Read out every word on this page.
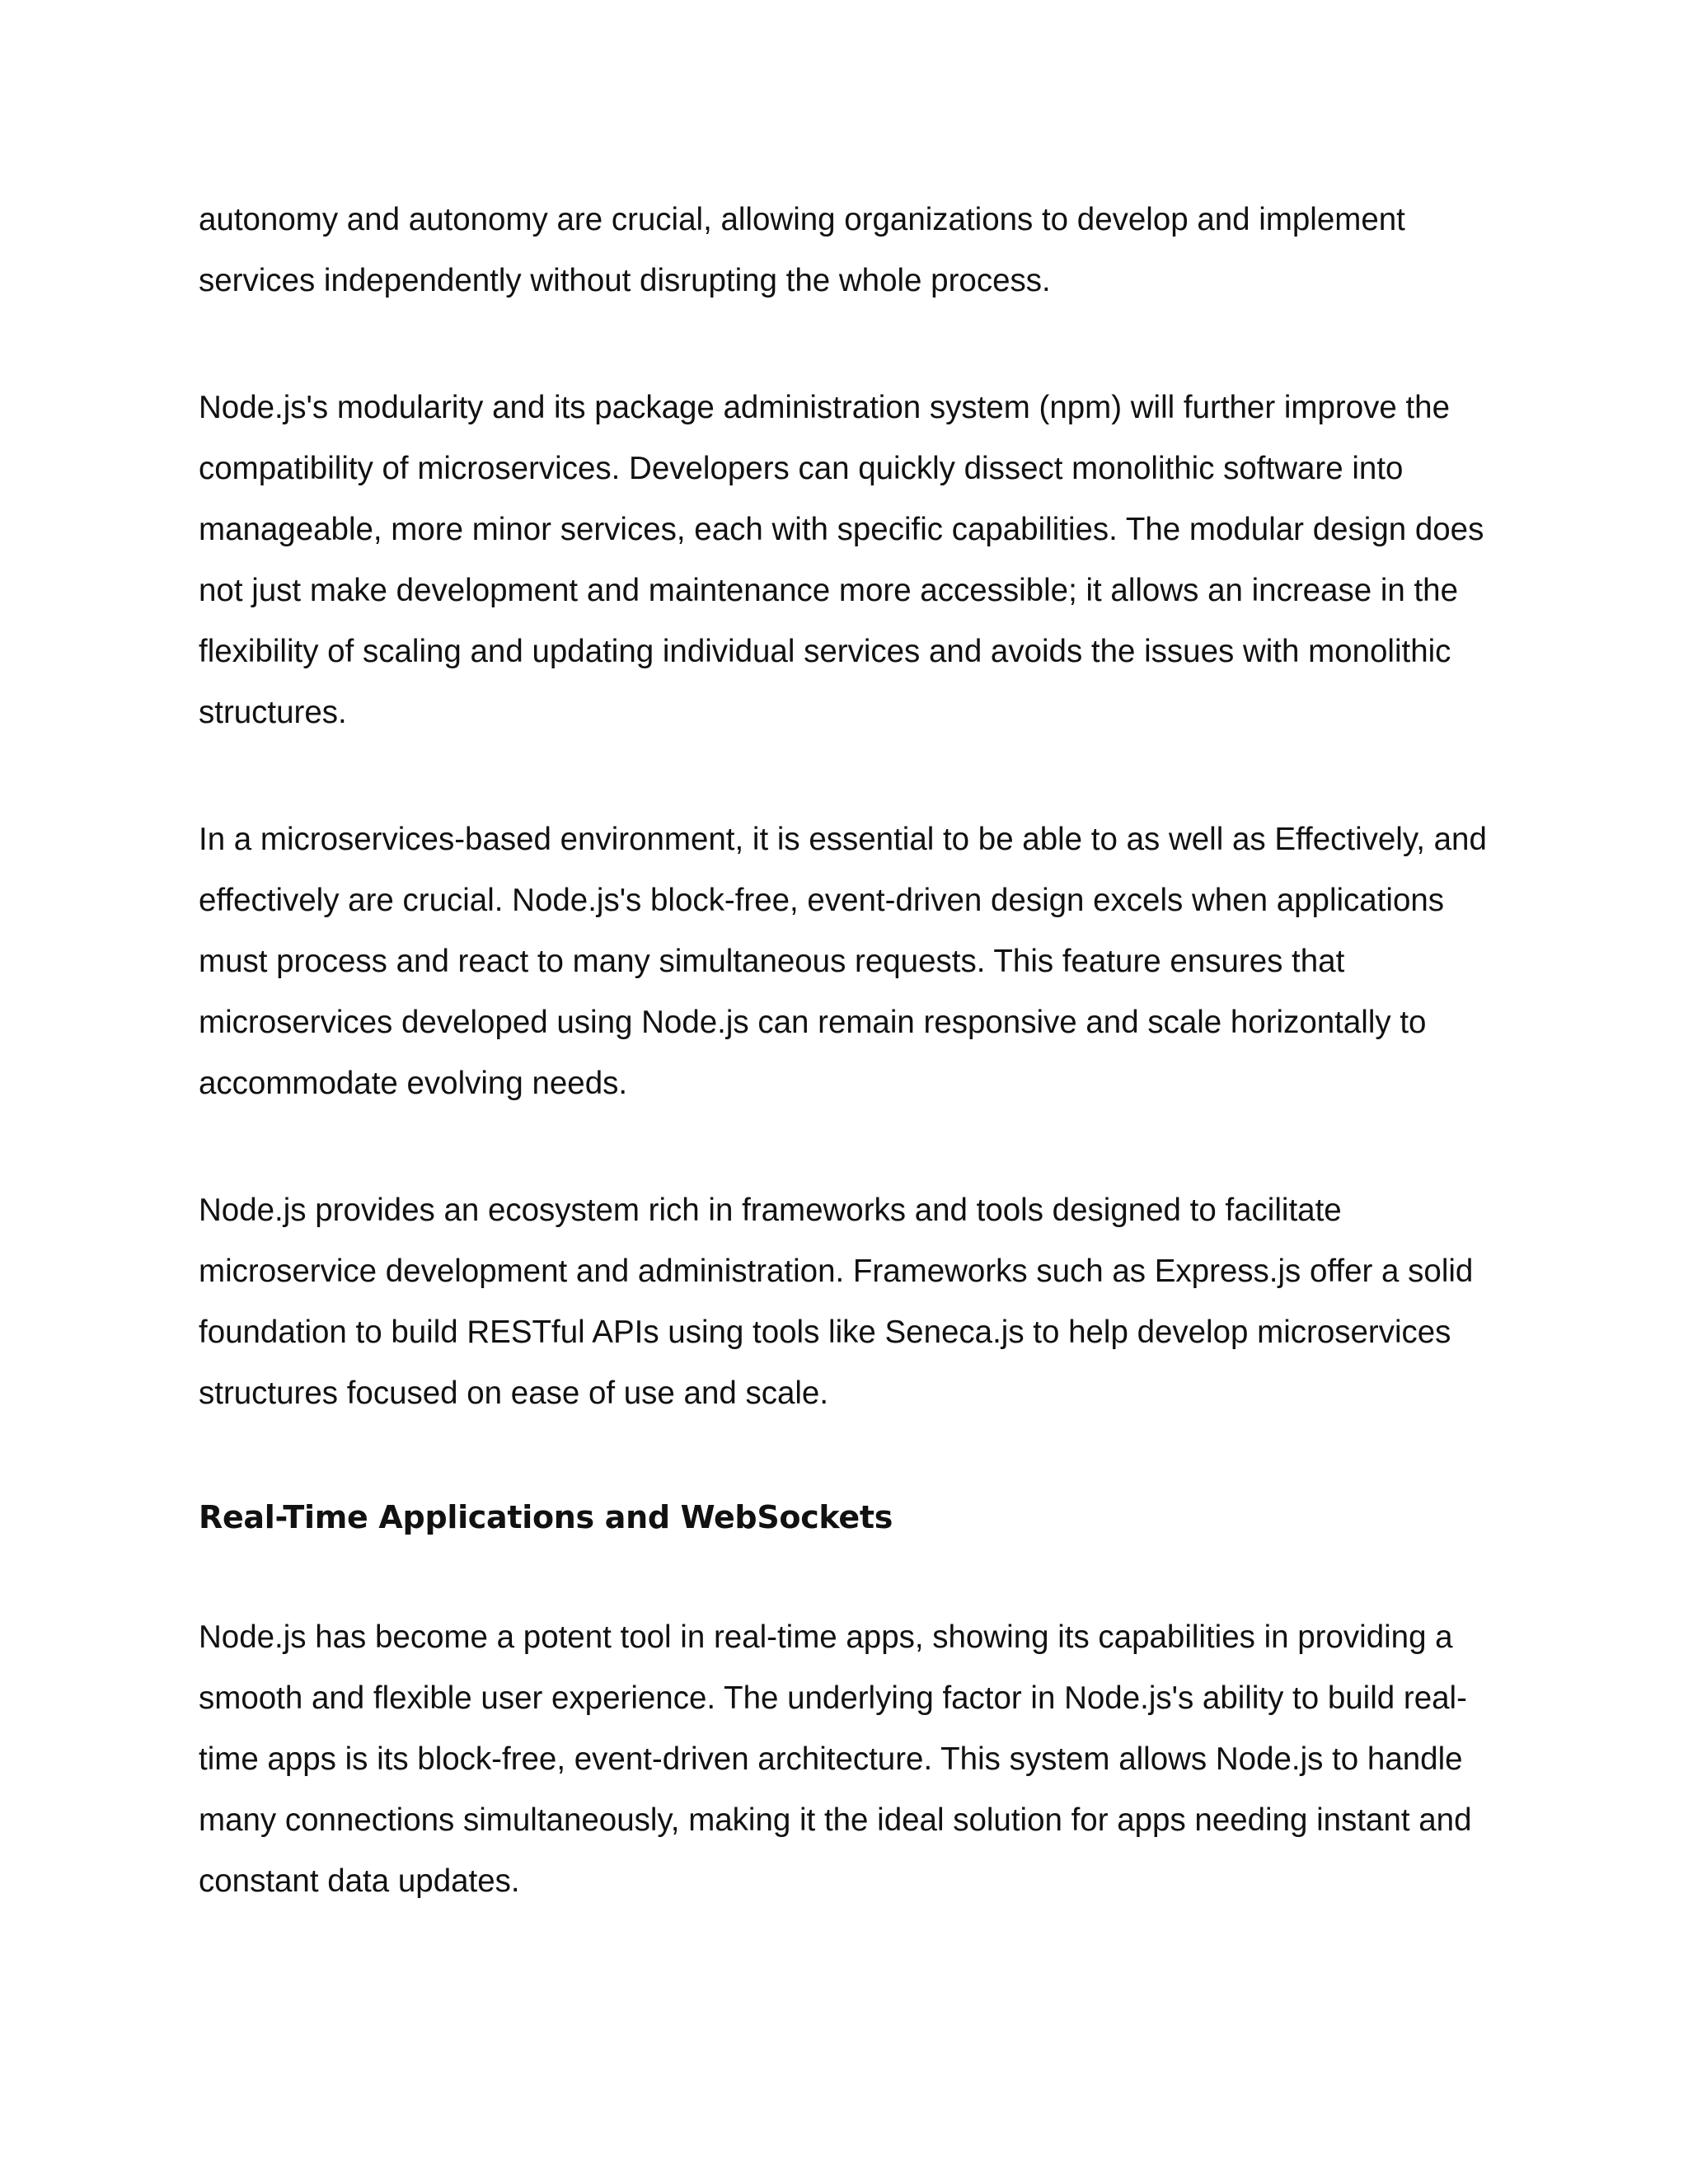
autonomy and autonomy are crucial, allowing organizations to develop and implement services independently without disrupting the whole process.

Node.js's modularity and its package administration system (npm) will further improve the compatibility of microservices. Developers can quickly dissect monolithic software into manageable, more minor services, each with specific capabilities. The modular design does not just make development and maintenance more accessible; it allows an increase in the flexibility of scaling and updating individual services and avoids the issues with monolithic structures.

In a microservices-based environment, it is essential to be able to as well as Effectively, and effectively are crucial. Node.js's block-free, event-driven design excels when applications must process and react to many simultaneous requests. This feature ensures that microservices developed using Node.js can remain responsive and scale horizontally to accommodate evolving needs.

Node.js provides an ecosystem rich in frameworks and tools designed to facilitate microservice development and administration. Frameworks such as Express.js offer a solid foundation to build RESTful APIs using tools like Seneca.js to help develop microservices structures focused on ease of use and scale.

Real-Time Applications and WebSockets

Node.js has become a potent tool in real-time apps, showing its capabilities in providing a smooth and flexible user experience. The underlying factor in Node.js's ability to build real-time apps is its block-free, event-driven architecture. This system allows Node.js to handle many connections simultaneously, making it the ideal solution for apps needing instant and constant data updates.
